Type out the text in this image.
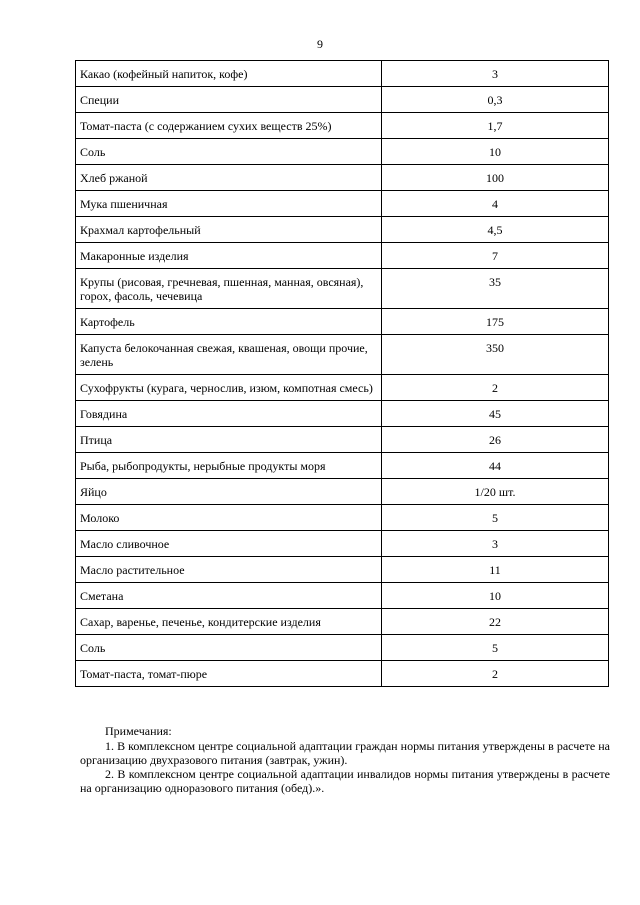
9
Какао (кофейный напиток, кофе)	3
Специи	0,3
Томат-паста (с содержанием сухих веществ 25%)	1,7
Соль	10
Хлеб ржаной	100
Мука пшеничная	4
Крахмал картофельный	4,5
Макаронные изделия	7
Крупы (рисовая, гречневая, пшенная, манная, овсяная), горох, фасоль, чечевица	35
Картофель	175
Капуста белокочанная свежая, квашеная, овощи прочие, зелень	350
Сухофрукты (курага, чернослив, изюм, компотная смесь)	2
Говядина	45
Птица	26
Рыба, рыбопродукты, нерыбные продукты моря	44
Яйцо	1/20 шт.
Молоко	5
Масло сливочное	3
Масло растительное	11
Сметана	10
Сахар, варенье, печенье, кондитерские изделия	22
Соль	5
Томат-паста, томат-пюре	2

Примечания:

1. В комплексном центре социальной адаптации граждан нормы питания утверждены в расчете на организацию двухразового питания (завтрак, ужин).

2. В комплексном центре социальной адаптации инвалидов нормы питания утверждены в расчете на организацию одноразового питания (обед).».
